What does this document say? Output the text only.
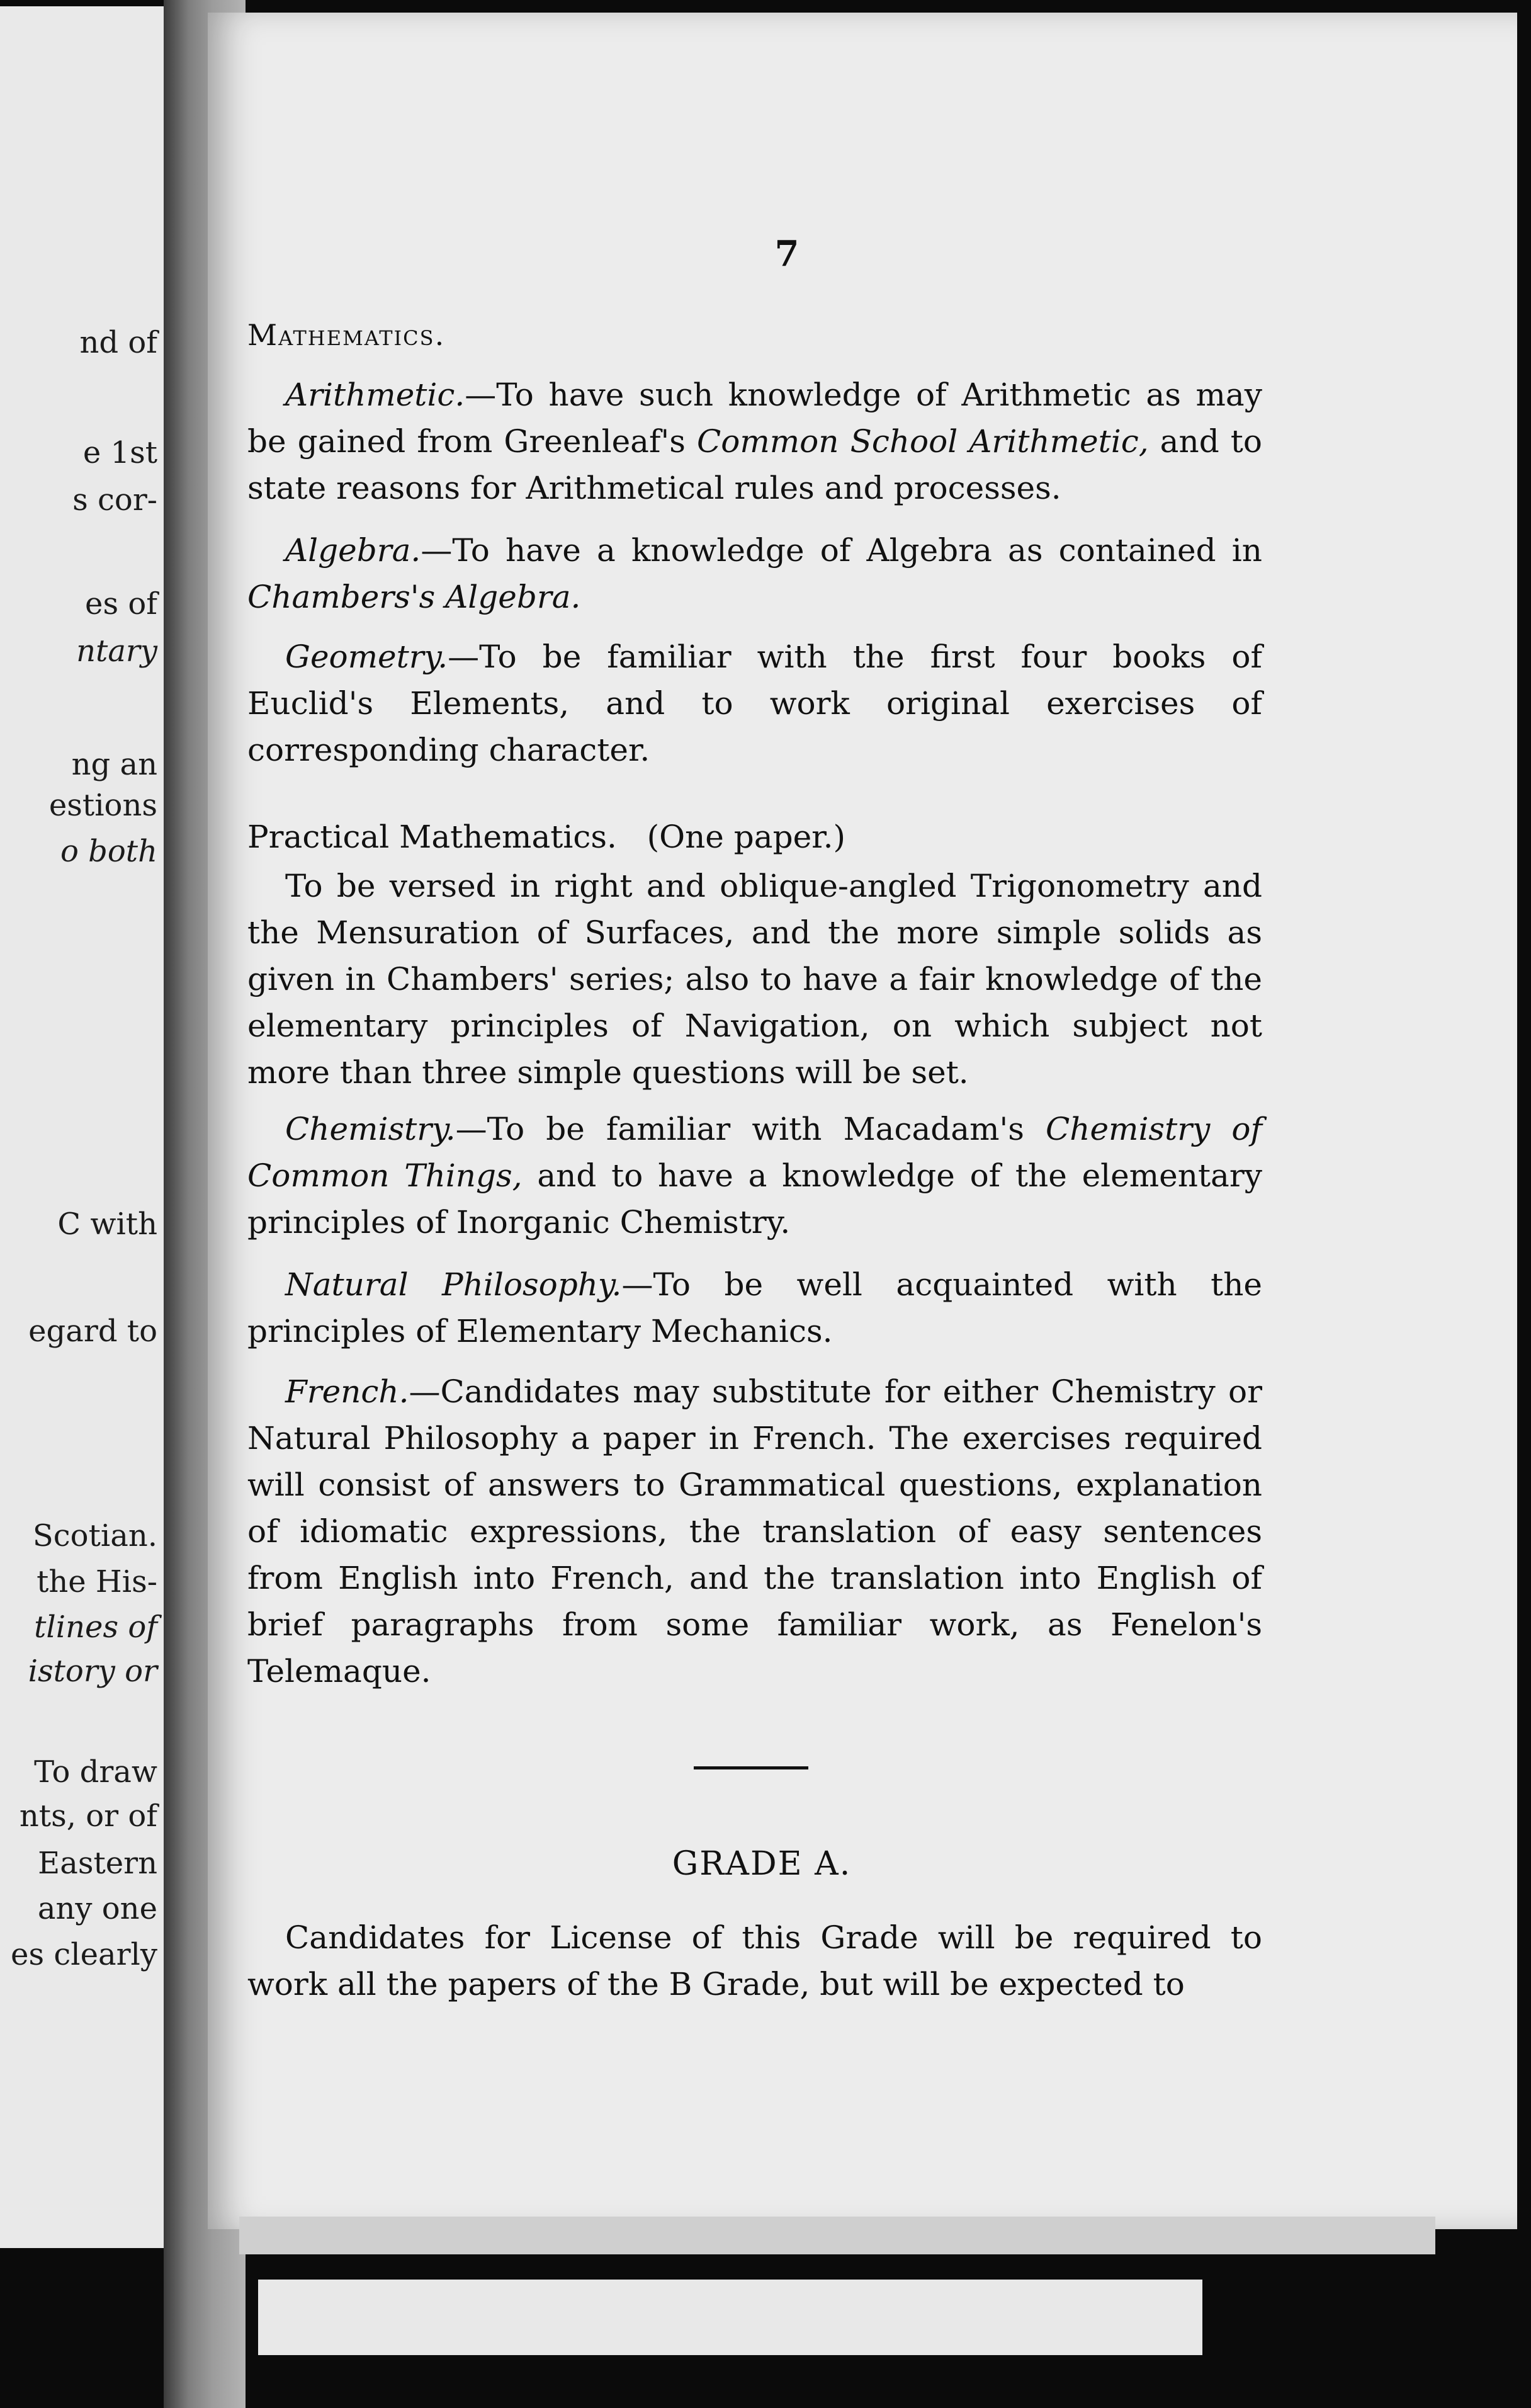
nd of
e 1st
s cor-
es of
ntary
ng an
estions
o both
C with
egard to
Scotian.
the His-
tlines of
istory or
To draw
nts, or of
Eastern
any one
es clearly
7
Mathematics.
Arithmetic.—To have such knowledge of Arithmetic as may be gained from Greenleaf's Common School Arithmetic, and to state reasons for Arithmetical rules and processes.
Algebra.—To have a knowledge of Algebra as contained in Chambers's Algebra.
Geometry.—To be familiar with the first four books of Euclid's Elements, and to work original exercises of corresponding character.
Practical Mathematics. (One paper.)
To be versed in right and oblique-angled Trigonometry and the Mensuration of Surfaces, and the more simple solids as given in Chambers' series; also to have a fair knowledge of the elementary principles of Navigation, on which subject not more than three simple questions will be set.
Chemistry.—To be familiar with Macadam's Chemistry of Common Things, and to have a knowledge of the elementary principles of Inorganic Chemistry.
Natural Philosophy.—To be well acquainted with the principles of Elementary Mechanics.
French.—Candidates may substitute for either Chemistry or Natural Philosophy a paper in French. The exercises required will consist of answers to Grammatical questions, explanation of idiomatic expressions, the translation of easy sentences from English into French, and the translation into English of brief paragraphs from some familiar work, as Fenelon's Telemaque.
GRADE A.
Candidates for License of this Grade will be required to work all the papers of the B Grade, but will be expected to
